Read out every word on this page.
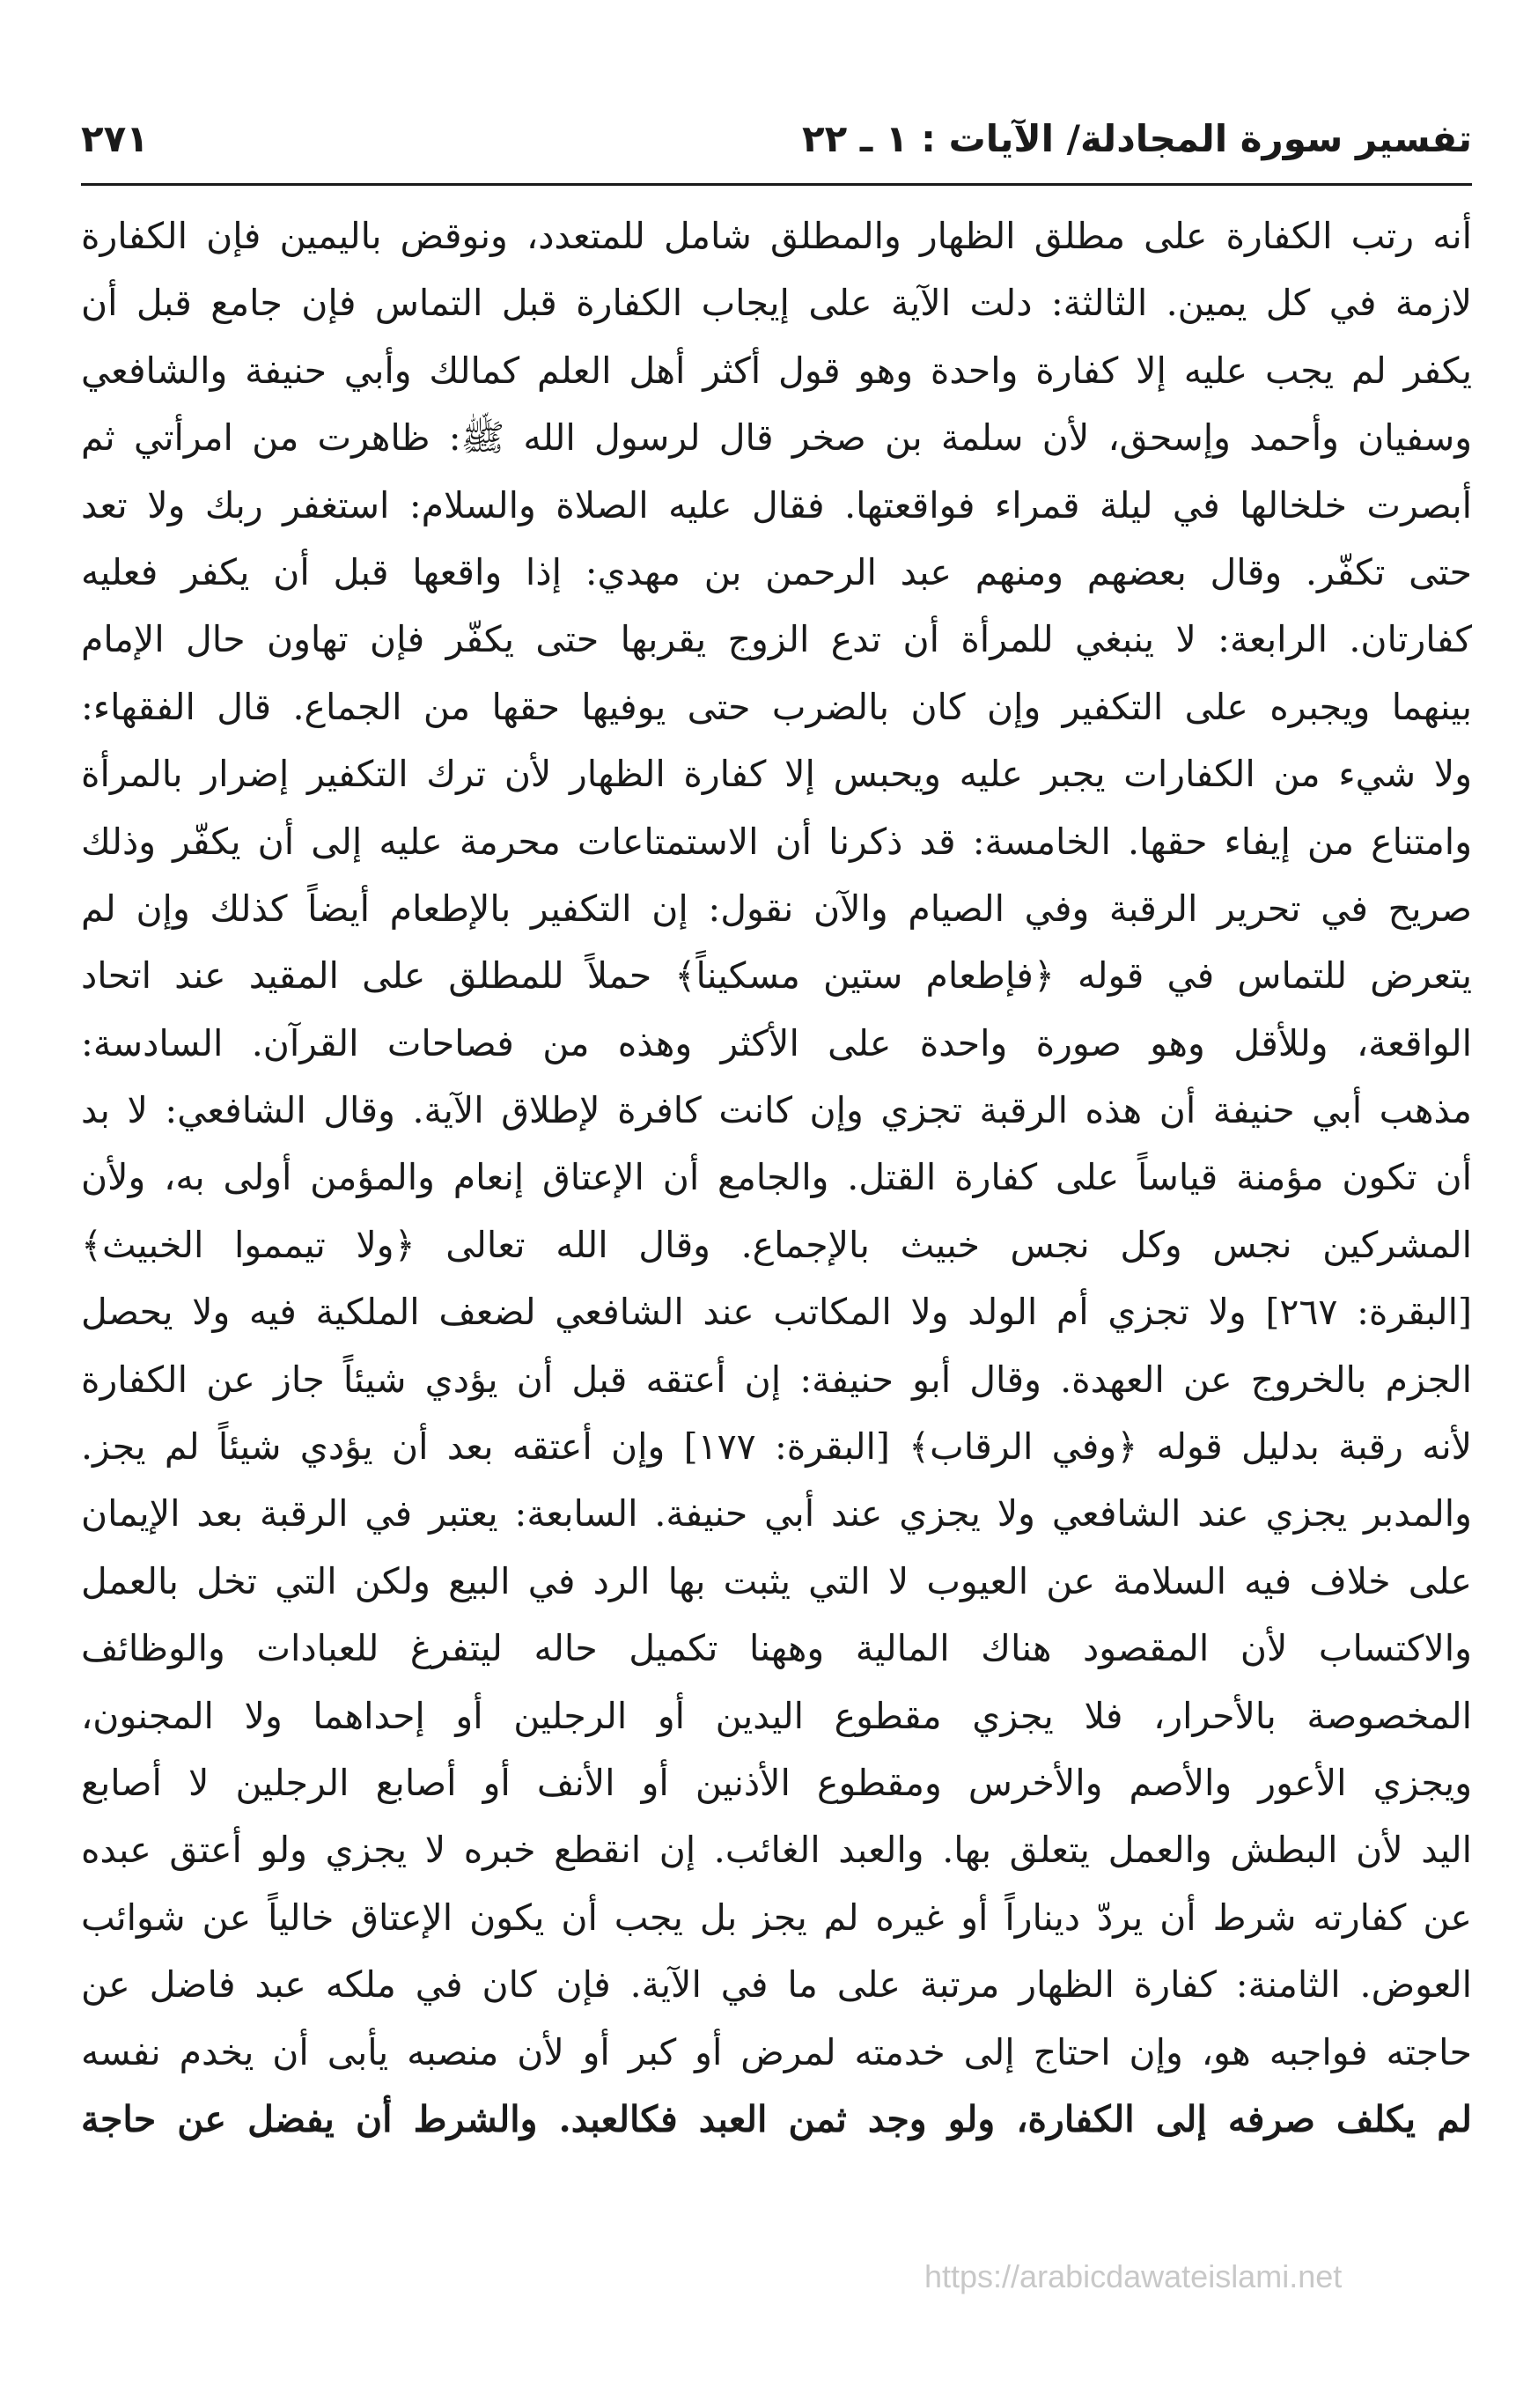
تفسير سورة المجادلة/ الآيات : ١ ـ ٢٢
٢٧١
أنه رتب الكفارة على مطلق الظهار والمطلق شامل للمتعدد، ونوقض باليمين فإن الكفارة
لازمة في كل يمين. الثالثة: دلت الآية على إيجاب الكفارة قبل التماس فإن جامع قبل أن
يكفر لم يجب عليه إلا كفارة واحدة وهو قول أكثر أهل العلم كمالك وأبي حنيفة والشافعي
وسفيان وأحمد وإسحق، لأن سلمة بن صخر قال لرسول الله ﷺ: ظاهرت من امرأتي ثم
أبصرت خلخالها في ليلة قمراء فواقعتها. فقال عليه الصلاة والسلام: استغفر ربك ولا تعد
حتى تكفّر. وقال بعضهم ومنهم عبد الرحمن بن مهدي: إذا واقعها قبل أن يكفر فعليه
كفارتان. الرابعة: لا ينبغي للمرأة أن تدع الزوج يقربها حتى يكفّر فإن تهاون حال الإمام
بينهما ويجبره على التكفير وإن كان بالضرب حتى يوفيها حقها من الجماع. قال الفقهاء:
ولا شيء من الكفارات يجبر عليه ويحبس إلا كفارة الظهار لأن ترك التكفير إضرار بالمرأة
وامتناع من إيفاء حقها. الخامسة: قد ذكرنا أن الاستمتاعات محرمة عليه إلى أن يكفّر وذلك
صريح في تحرير الرقبة وفي الصيام والآن نقول: إن التكفير بالإطعام أيضاً كذلك وإن لم
يتعرض للتماس في قوله ﴿فإطعام ستين مسكيناً﴾ حملاً للمطلق على المقيد عند اتحاد
الواقعة، وللأقل وهو صورة واحدة على الأكثر وهذه من فصاحات القرآن. السادسة:
مذهب أبي حنيفة أن هذه الرقبة تجزي وإن كانت كافرة لإطلاق الآية. وقال الشافعي: لا بد
أن تكون مؤمنة قياساً على كفارة القتل. والجامع أن الإعتاق إنعام والمؤمن أولى به، ولأن
المشركين نجس وكل نجس خبيث بالإجماع. وقال الله تعالى ﴿ولا تيمموا الخبيث﴾
[البقرة: ٢٦٧] ولا تجزي أم الولد ولا المكاتب عند الشافعي لضعف الملكية فيه ولا يحصل
الجزم بالخروج عن العهدة. وقال أبو حنيفة: إن أعتقه قبل أن يؤدي شيئاً جاز عن الكفارة
لأنه رقبة بدليل قوله ﴿وفي الرقاب﴾ [البقرة: ١٧٧] وإن أعتقه بعد أن يؤدي شيئاً لم يجز.
والمدبر يجزي عند الشافعي ولا يجزي عند أبي حنيفة. السابعة: يعتبر في الرقبة بعد الإيمان
على خلاف فيه السلامة عن العيوب لا التي يثبت بها الرد في البيع ولكن التي تخل بالعمل
والاكتساب لأن المقصود هناك المالية وههنا تكميل حاله ليتفرغ للعبادات والوظائف
المخصوصة بالأحرار، فلا يجزي مقطوع اليدين أو الرجلين أو إحداهما ولا المجنون،
ويجزي الأعور والأصم والأخرس ومقطوع الأذنين أو الأنف أو أصابع الرجلين لا أصابع
اليد لأن البطش والعمل يتعلق بها. والعبد الغائب. إن انقطع خبره لا يجزي ولو أعتق عبده
عن كفارته شرط أن يردّ ديناراً أو غيره لم يجز بل يجب أن يكون الإعتاق خالياً عن شوائب
العوض. الثامنة: كفارة الظهار مرتبة على ما في الآية. فإن كان في ملكه عبد فاضل عن
حاجته فواجبه هو، وإن احتاج إلى خدمته لمرض أو كبر أو لأن منصبه يأبى أن يخدم نفسه
لم يكلف صرفه إلى الكفارة، ولو وجد ثمن العبد فكالعبد. والشرط أن يفضل عن حاجة
https://arabicdawateislami.net
